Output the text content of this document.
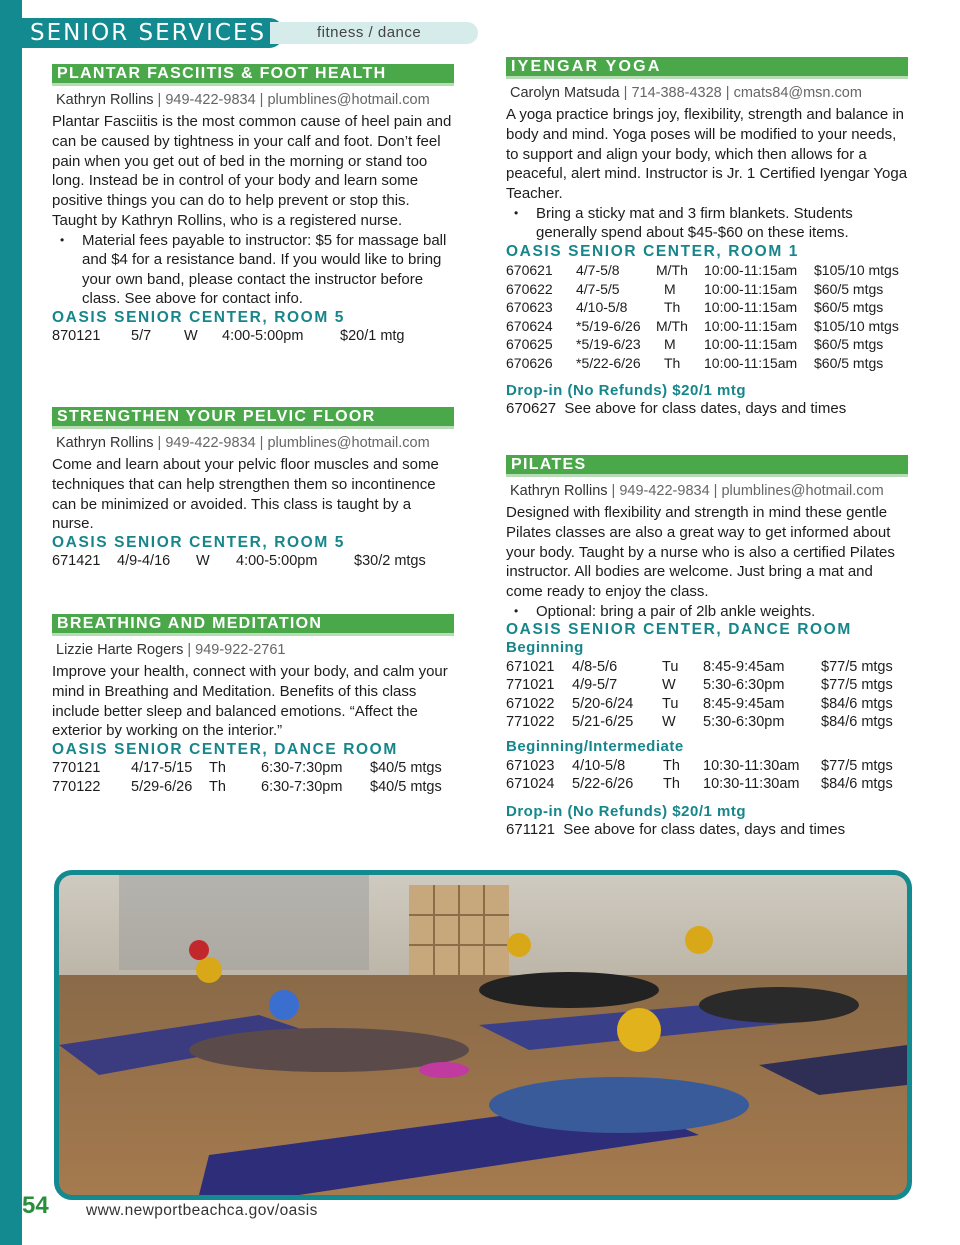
SENIOR SERVICES	fitness / dance
PLANTAR FASCIITIS & FOOT HEALTH
Kathryn Rollins | 949-422-9834 | plumblines@hotmail.com
Plantar Fasciitis is the most common cause of heel pain and can be caused by tightness in your calf and foot. Don’t feel pain when you get out of bed in the morning or stand too long. Instead be in control of your body and learn some positive things you can do to help prevent or stop this. Taught by Kathryn Rollins, who is a registered nurse.
• Material fees payable to instructor: $5 for massage ball and $4 for a resistance band. If you would like to bring your own band, please contact the instructor before class. See above for contact info.
OASIS SENIOR CENTER, ROOM 5
870121	5/7	W	4:00-5:00pm	$20/1 mtg
STRENGTHEN YOUR PELVIC FLOOR
Kathryn Rollins | 949-422-9834 | plumblines@hotmail.com
Come and learn about your pelvic floor muscles and some techniques that can help strengthen them so incontinence can be minimized or avoided. This class is taught by a nurse.
OASIS SENIOR CENTER, ROOM 5
671421	4/9-4/16	W	4:00-5:00pm	$30/2 mtgs
BREATHING AND MEDITATION
Lizzie Harte Rogers | 949-922-2761
Improve your health, connect with your body, and calm your mind in Breathing and Meditation. Benefits of this class include better sleep and balanced emotions. “Affect the exterior by working on the interior.”
OASIS SENIOR CENTER, DANCE ROOM
770121	4/17-5/15	Th	6:30-7:30pm	$40/5 mtgs
770122	5/29-6/26	Th	6:30-7:30pm	$40/5 mtgs
IYENGAR YOGA
Carolyn Matsuda | 714-388-4328 | cmats84@msn.com
A yoga practice brings joy, flexibility, strength and balance in body and mind. Yoga poses will be modified to your needs, to support and align your body, which then allows for a peaceful, alert mind. Instructor is Jr. 1 Certified Iyengar Yoga Teacher.
• Bring a sticky mat and 3 firm blankets. Students generally spend about $45-$60 on these items.
OASIS SENIOR CENTER, ROOM 1
670621	4/7-5/8	M/Th	10:00-11:15am	$105/10 mtgs
670622	4/7-5/5	M	10:00-11:15am	$60/5 mtgs
670623	4/10-5/8	Th	10:00-11:15am	$60/5 mtgs
670624	*5/19-6/26	M/Th	10:00-11:15am	$105/10 mtgs
670625	*5/19-6/23	M	10:00-11:15am	$60/5 mtgs
670626	*5/22-6/26	Th	10:00-11:15am	$60/5 mtgs
Drop-in (No Refunds) $20/1 mtg
670627 See above for class dates, days and times
PILATES
Kathryn Rollins | 949-422-9834 | plumblines@hotmail.com
Designed with flexibility and strength in mind these gentle Pilates classes are also a great way to get informed about your body. Taught by a nurse who is also a certified Pilates instructor. All bodies are welcome. Just bring a mat and come ready to enjoy the class.
• Optional: bring a pair of 2lb ankle weights.
OASIS SENIOR CENTER, DANCE ROOM
Beginning
671021	4/8-5/6	Tu	8:45-9:45am	$77/5 mtgs
771021	4/9-5/7	W	5:30-6:30pm	$77/5 mtgs
671022	5/20-6/24	Tu	8:45-9:45am	$84/6 mtgs
771022	5/21-6/25	W	5:30-6:30pm	$84/6 mtgs
Beginning/Intermediate
671023	4/10-5/8	Th	10:30-11:30am	$77/5 mtgs
671024	5/22-6/26	Th	10:30-11:30am	$84/6 mtgs
Drop-in (No Refunds) $20/1 mtg
671121 See above for class dates, days and times
54 www.newportbeachca.gov/oasis
